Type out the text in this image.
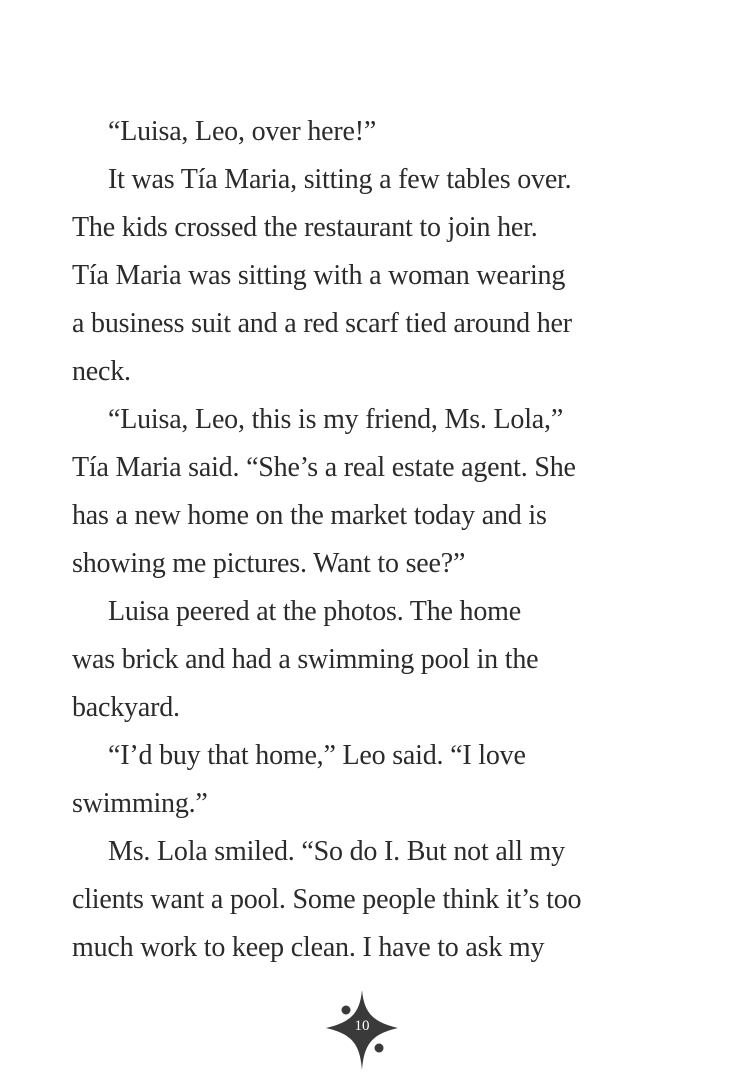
“Luisa, Leo, over here!”
It was Tía Maria, sitting a few tables over.
The kids crossed the restaurant to join her.
Tía Maria was sitting with a woman wearing
a business suit and a red scarf tied around her
neck.
“Luisa, Leo, this is my friend, Ms. Lola,”
Tía Maria said. “She’s a real estate agent. She
has a new home on the market today and is
showing me pictures. Want to see?”
Luisa peered at the photos. The home
was brick and had a swimming pool in the
backyard.
“I’d buy that home,” Leo said. “I love
swimming.”
Ms. Lola smiled. “So do I. But not all my
clients want a pool. Some people think it’s too
much work to keep clean. I have to ask my
10
